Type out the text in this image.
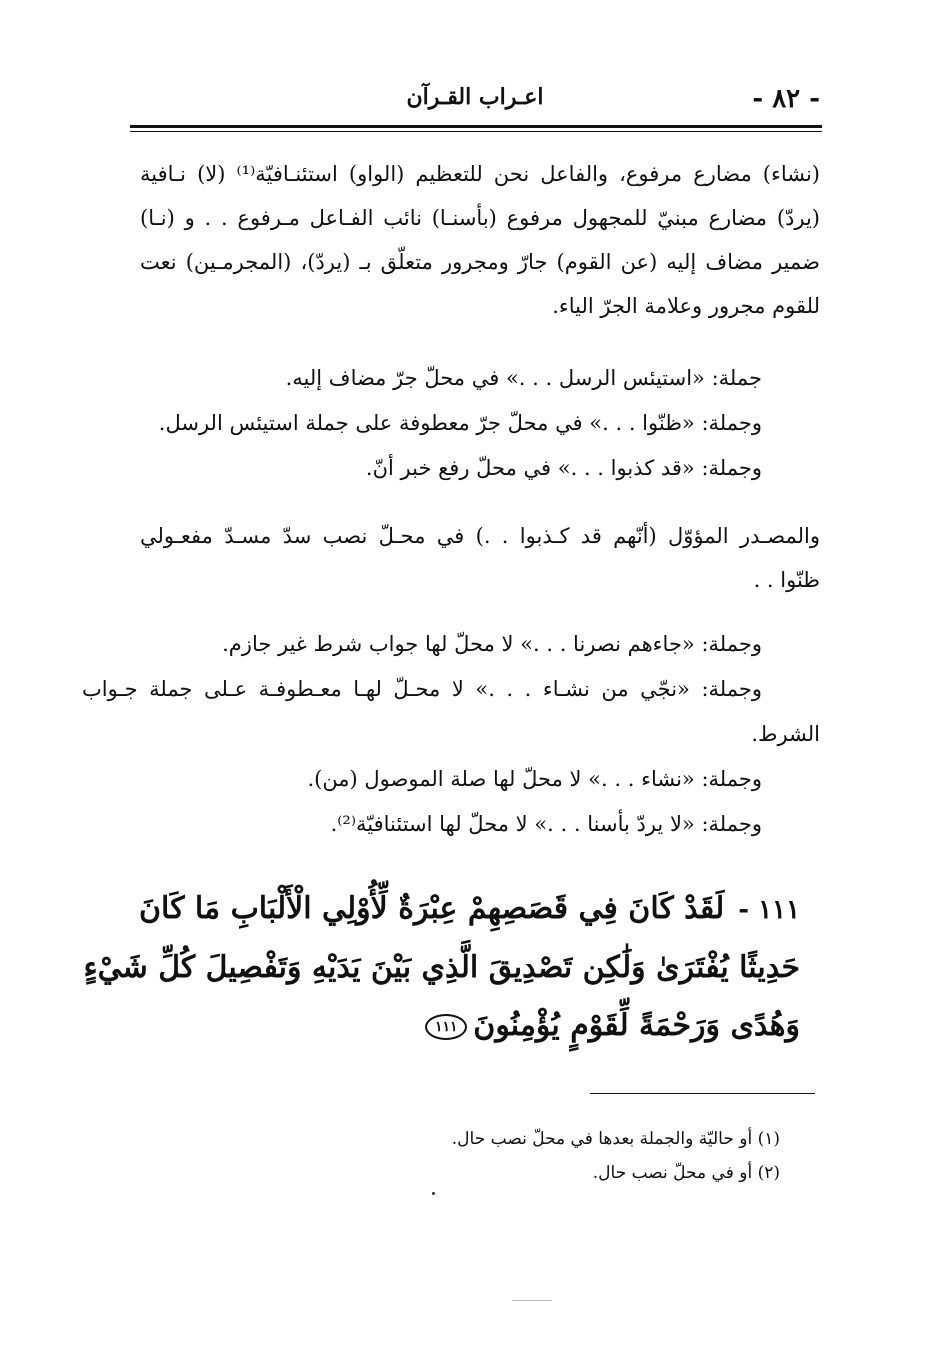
- ٨٢ -
اعـراب القـرآن
(نشاء) مضارع مرفوع، والفاعل نحن للتعظيم (الواو) استئنـافيّة⁽¹⁾ (لا) نـافية
(يردّ) مضارع مبنيّ للمجهول مرفوع (بأسنـا) نائب الفـاعل مـرفوع . . و (نـا)
ضمير مضاف إليه (عن القوم) جارّ ومجرور متعلّق بـ (يردّ)، (المجرمـين) نعت
للقوم مجرور وعلامة الجرّ الياء.
جملة: «استيئس الرسل . . .» في محلّ جرّ مضاف إليه.
وجملة: «ظنّوا . . .» في محلّ جرّ معطوفة على جملة استيئس الرسل.
وجملة: «قد كذبوا . . .» في محلّ رفع خبر أنّ.
والمصـدر المؤوّل (أنّهم قد كـذبوا . .) في محـلّ نصب سدّ مسـدّ مفعـولي
ظنّوا . .
وجملة: «جاءهم نصرنا . . .» لا محلّ لها جواب شرط غير جازم.
وجملة: «نجّي من نشـاء . . .» لا محـلّ لهـا معـطوفـة عـلى جملة جـواب
الشرط.
وجملة: «نشاء . . .» لا محلّ لها صلة الموصول (من).
وجملة: «لا يردّ بأسنا . . .» لا محلّ لها استئنافيّة⁽²⁾.
١١١ -لَقَدْ كَانَ فِي قَصَصِهِمْ عِبْرَةٌ لِّأُوْلِي الْأَلْبَابِ مَا كَانَ
حَدِيثًا يُفْتَرَىٰ وَلَٰكِن تَصْدِيقَ الَّذِي بَيْنَ يَدَيْهِ وَتَفْصِيلَ كُلِّ شَيْءٍ
وَهُدًى وَرَحْمَةً لِّقَوْمٍ يُؤْمِنُونَ١١١
(١) أو حاليّة والجملة بعدها في محلّ نصب حال.
(٢) أو في محلّ نصب حال.
